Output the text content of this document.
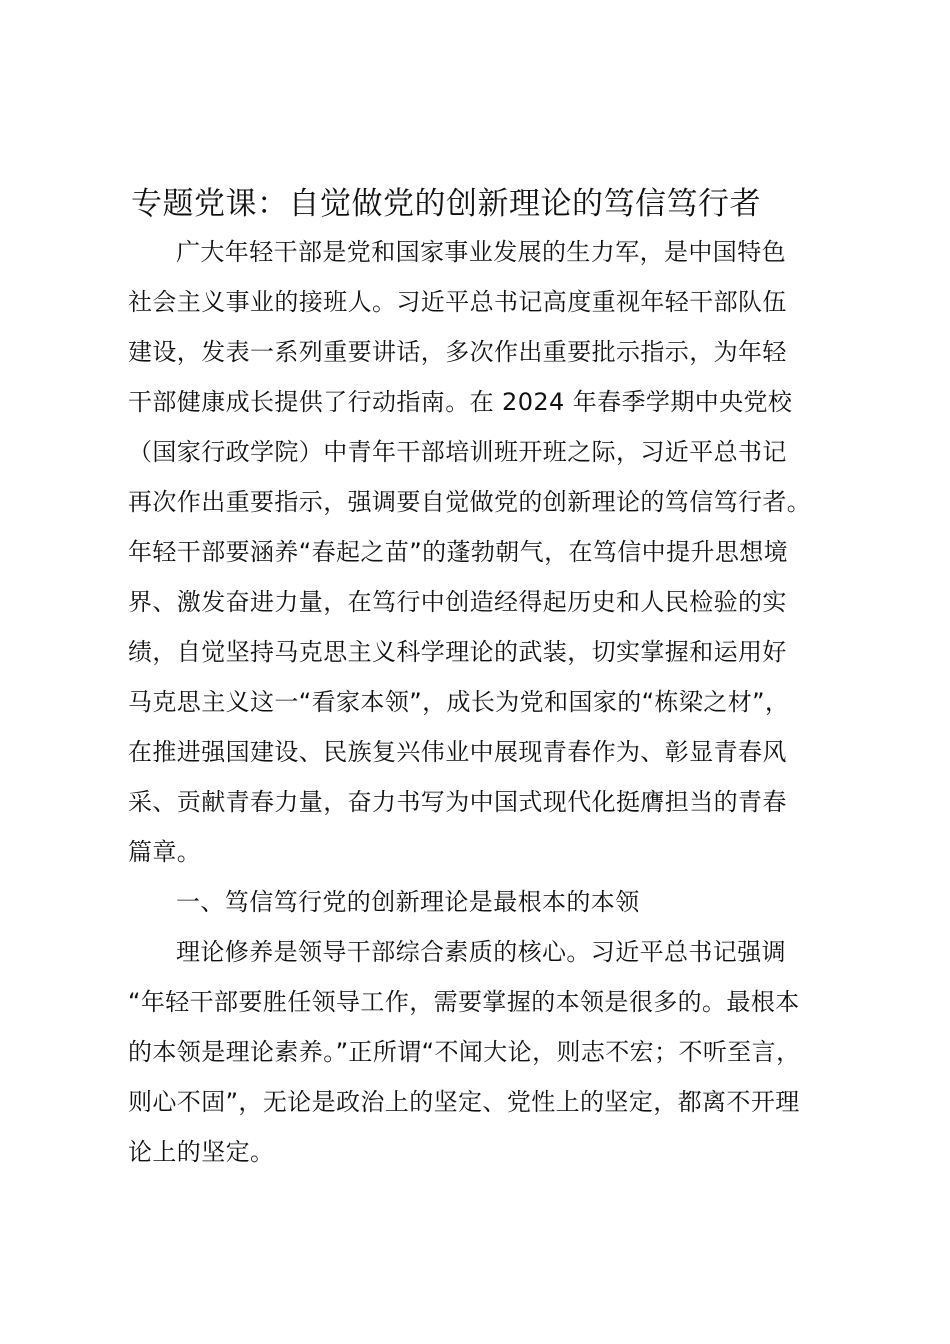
专题党课：自觉做党的创新理论的笃信笃行者
广大年轻干部是党和国家事业发展的生力军，是中国特色
社会主义事业的接班人。习近平总书记高度重视年轻干部队伍
建设，发表一系列重要讲话，多次作出重要批示指示，为年轻
干部健康成长提供了行动指南。在 2024 年春季学期中央党校
（国家行政学院）中青年干部培训班开班之际，习近平总书记
再次作出重要指示，强调要自觉做党的创新理论的笃信笃行者。
年轻干部要涵养“春起之苗”的蓬勃朝气，在笃信中提升思想境
界、激发奋进力量，在笃行中创造经得起历史和人民检验的实
绩，自觉坚持马克思主义科学理论的武装，切实掌握和运用好
马克思主义这一“看家本领”，成长为党和国家的“栋梁之材”，
在推进强国建设、民族复兴伟业中展现青春作为、彰显青春风
采、贡献青春力量，奋力书写为中国式现代化挺膺担当的青春
篇章。
一、笃信笃行党的创新理论是最根本的本领
理论修养是领导干部综合素质的核心。习近平总书记强调
“年轻干部要胜任领导工作，需要掌握的本领是很多的。最根本
的本领是理论素养。”正所谓“不闻大论，则志不宏；不听至言，
则心不固”，无论是政治上的坚定、党性上的坚定，都离不开理
论上的坚定。
